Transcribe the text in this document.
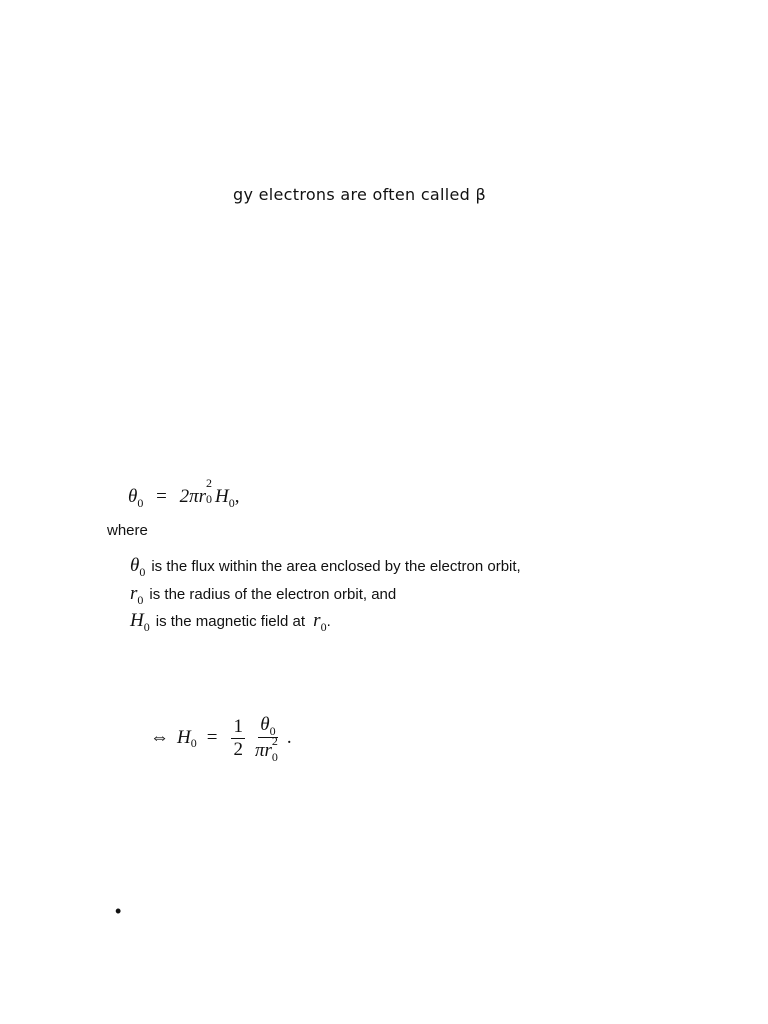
gy electrons are often called β
$\theta_0 = 2\pi r$
2
0 $H_0$,
where
$\theta_0$ is the flux within the area enclosed by the electron orbit,
$r_0$ is the radius of the electron orbit, and
$H_0$ is the magnetic field at $r_0$.
⇔ H $0 = \frac{1}{2} \theta_0$
πr 2
0 .
•
